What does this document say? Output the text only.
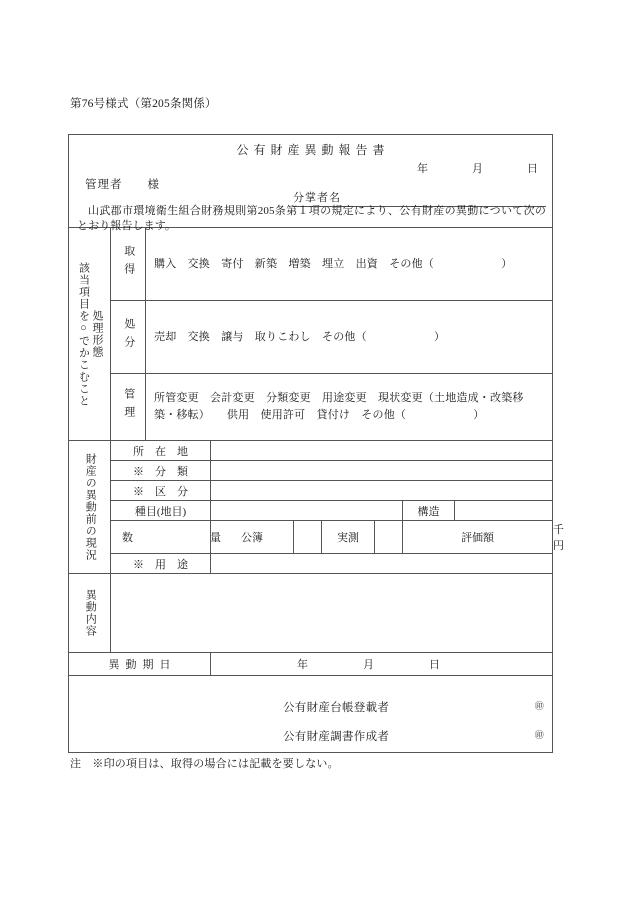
第76号様式（第205条関係）
公有財産異動報告書
年　　　　月　　　　日
管理者　　様
分掌者名
山武郡市環境衛生組合財務規則第205条第１項の規定により、公有財産の異動について次のとおり報告します。									

処理形態
該当項目を○でかこむこと	取得	購入　交換　寄付　新築　増築　埋立　出資　その他（　　　　　　）							
	処分	売却　交換　譲与　取りこわし　その他（　　　　　　）							
	管理	所管変更　会計変更　分類変更　用途変更　現状変更（土地造成・改築移築・移転）　　供用　使用許可　貸付け　その他（　　　　　　）							

財産の異動前の現況	所　在　地								
	※　分　類								
	※　区　分								
	種目(地目)						構造		
	数　　　量		公簿		実測		評価額		千円
	※　用　途								

異動内容									

異動期日			年　　　　　月　　　　　日						

公有財産台帳登載者 ㊞
公有財産調書作成者 ㊞									
注　※印の項目は、取得の場合には記載を要しない。
